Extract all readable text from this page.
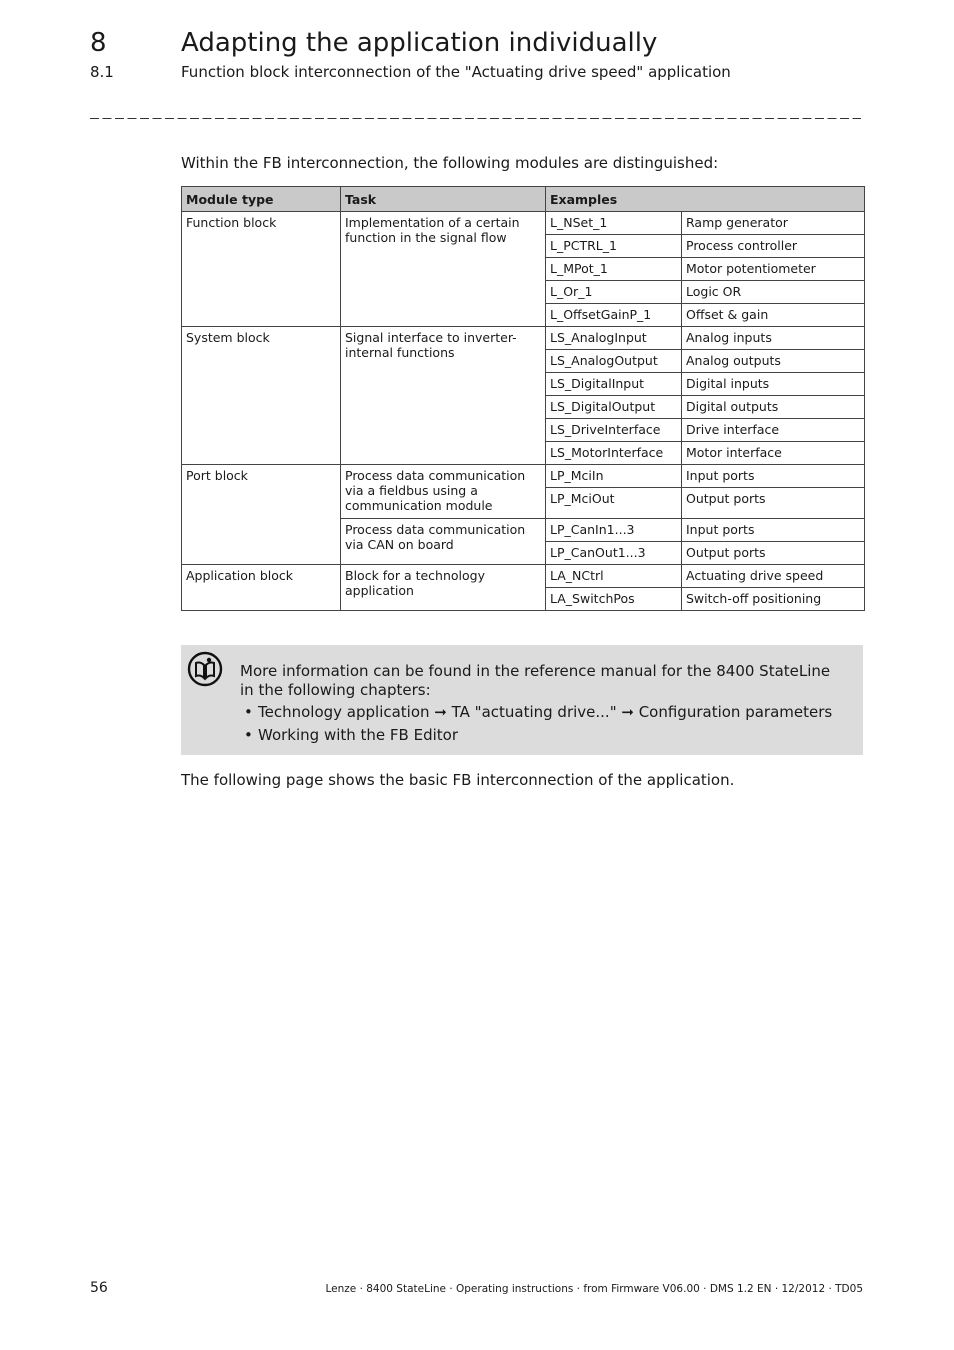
8	Adapting the application individually
8.1	Function block interconnection of the "Actuating drive speed" application
Within the FB interconnection, the following modules are distinguished:
Module type	Task	Examples	
Function block	Implementation of a certain function in the signal flow	L_NSet_1	Ramp generator
		L_PCTRL_1	Process controller
		L_MPot_1	Motor potentiometer
		L_Or_1	Logic OR
		L_OffsetGainP_1	Offset & gain
System block	Signal interface to inverter-internal functions	LS_AnalogInput	Analog inputs
		LS_AnalogOutput	Analog outputs
		LS_DigitalInput	Digital inputs
		LS_DigitalOutput	Digital outputs
		LS_DriveInterface	Drive interface
		LS_MotorInterface	Motor interface
Port block	Process data communication via a fieldbus using a communication module	LP_MciIn	Input ports
		LP_MciOut	Output ports
	Process data communication via CAN on board	LP_CanIn1...3	Input ports
		LP_CanOut1...3	Output ports
Application block	Block for a technology application	LA_NCtrl	Actuating drive speed
		LA_SwitchPos	Switch-off positioning
More information can be found in the reference manual for the 8400 StateLine in the following chapters:
• Technology application ➞ TA "actuating drive..." ➞ Configuration parameters
• Working with the FB Editor
The following page shows the basic FB interconnection of the application.
56	Lenze · 8400 StateLine · Operating instructions · from Firmware V06.00 · DMS 1.2 EN · 12/2012 · TD05
